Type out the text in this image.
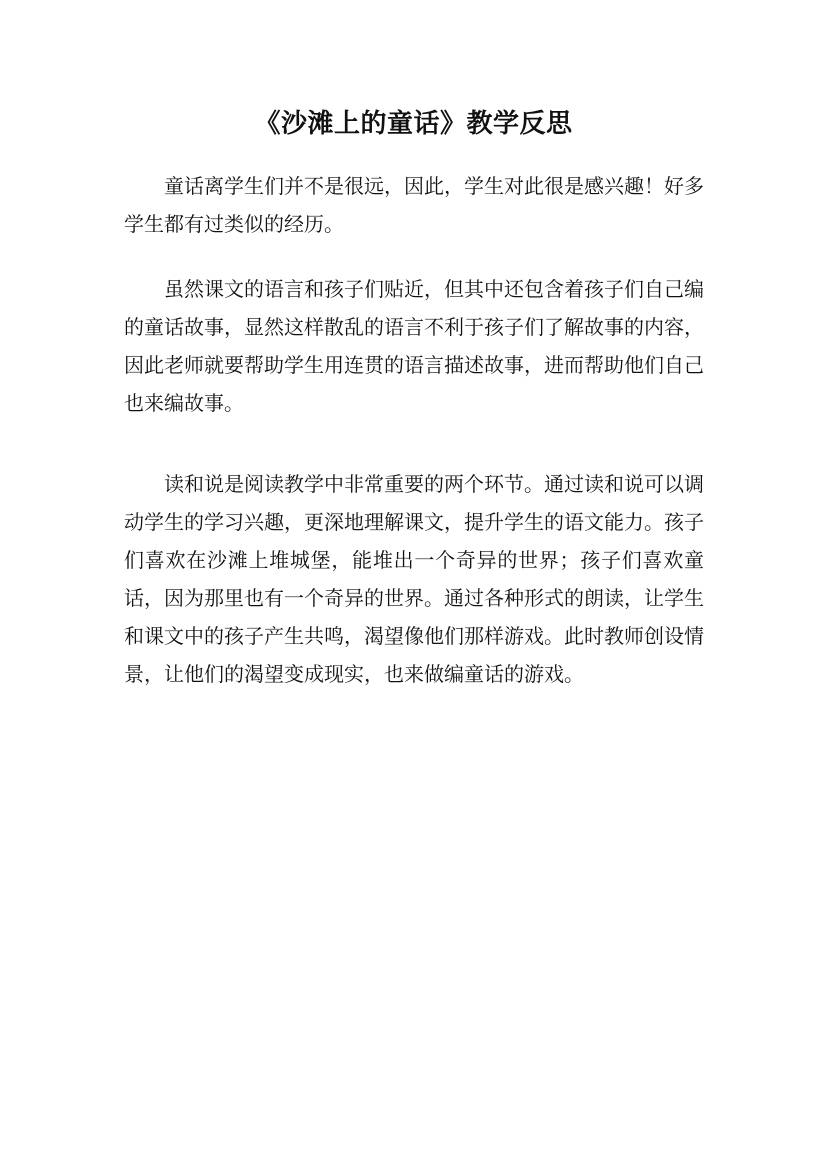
《沙滩上的童话》教学反思

童话离学生们并不是很远，因此，学生对此很是感兴趣！好多学生都有过类似的经历。

虽然课文的语言和孩子们贴近，但其中还包含着孩子们自己编的童话故事，显然这样散乱的语言不利于孩子们了解故事的内容，因此老师就要帮助学生用连贯的语言描述故事，进而帮助他们自己也来编故事。

读和说是阅读教学中非常重要的两个环节。通过读和说可以调动学生的学习兴趣，更深地理解课文，提升学生的语文能力。孩子们喜欢在沙滩上堆城堡，能堆出一个奇异的世界；孩子们喜欢童话，因为那里也有一个奇异的世界。通过各种形式的朗读，让学生和课文中的孩子产生共鸣，渴望像他们那样游戏。此时教师创设情景，让他们的渴望变成现实，也来做编童话的游戏。
